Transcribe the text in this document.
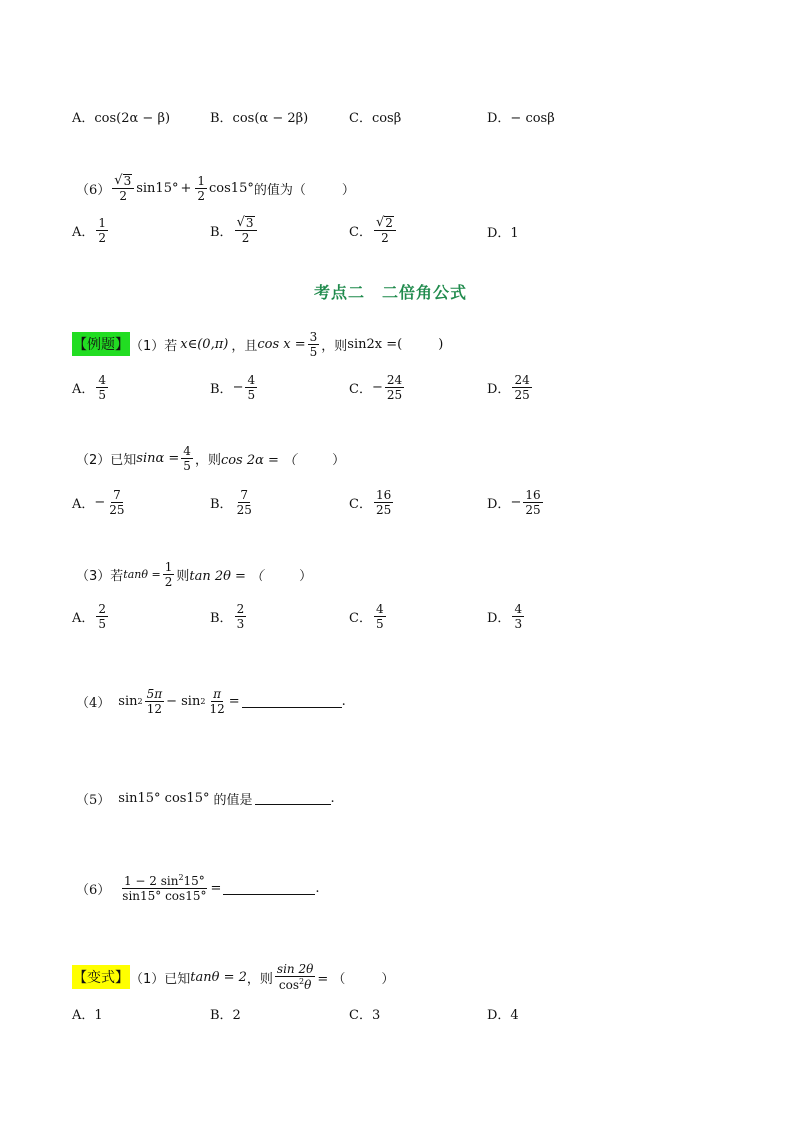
A．cos(2α − β)	B．cos(α − 2β)	C．cosβ	D．− cosβ
$(6) \frac{√ 3}{2} \sin 15^\circ + \frac{1}{2} \cos 15^\circ$ 的值为（	）
A． $\frac{1}{2}$	B． $\frac{√ 3}{2}$	C． $\frac{√ 2}{2}$	D．1
考点二　二倍角公式
【例题】 （1）若 x∈(0,π) ，且 $\cos x = \frac{3}{5}$ ，则 sin2x =(	)
A． $\frac{4}{5}$	B． − $\frac{4}{5}$	C． − $\frac{24}{25}$	D． $\frac{24}{25}$
（2）已知 $\sin\alpha = \frac{4}{5}$ ，则 cos 2α = （	）
A． − $\frac{7}{25}$	B． $\frac{7}{25}$	C． $\frac{16}{25}$	D． − $\frac{16}{25}$
（3）若 $\tan\theta = \frac{1}{2}$ 则 tan 2θ = （	）
A． $\frac{2}{5}$	B． $\frac{2}{3}$	C． $\frac{4}{5}$	D． $\frac{4}{3}$
（4） $\sin 2 \frac{5\pi}{12} - \sin 2 \frac{\pi}{12}$ =	.
（5） sin15° cos15° 的值是	.
$(6) \frac{1 - 2 \sin^215^\circ}{\sin 15^\circ \cos 15^\circ}$ =	.
【变式】 （1）已知 tanθ = 2 ，则 $\frac{\sin 2\theta}{\cos^2\theta}$ = （	）
A．1	B．2	C．3	D．4
